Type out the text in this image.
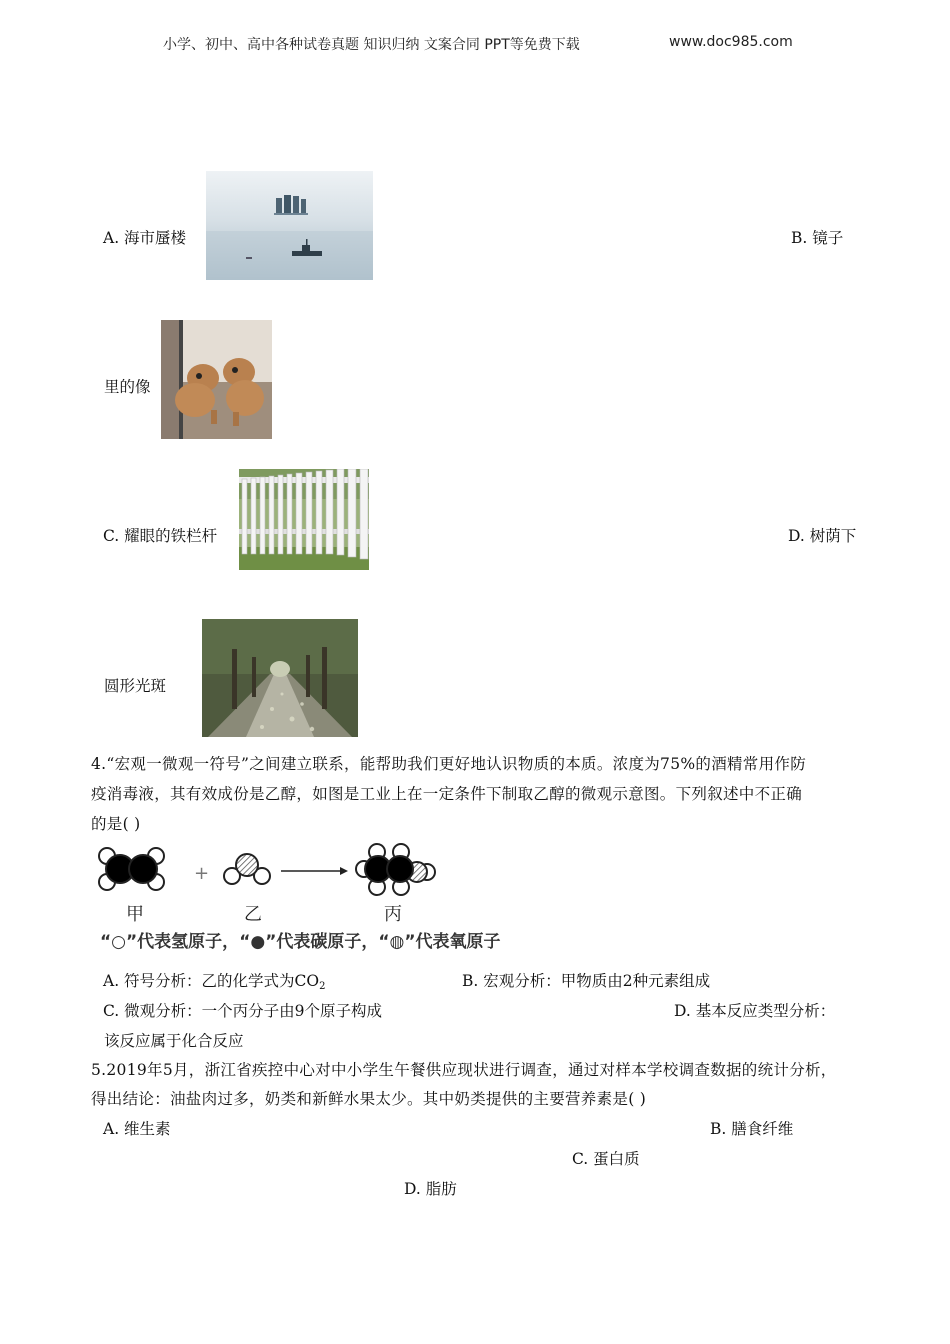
小学、初中、高中各种试卷真题 知识归纳 文案合同 PPT等免费下载	www.doc985.com
A. 海市蜃楼	B. 镜子
里的像
C. 耀眼的铁栏杆	D. 树荫下
圆形光斑
4.“宏观一微观一符号”之间建立联系，能帮助我们更好地认识物质的本质。浓度为75%的酒精常用作防
疫消毒液，其有效成份是乙醇，如图是工业上在一定条件下制取乙醇的微观示意图。下列叙述中不正确
的是( )
+
甲	乙	丙
“○”代表氢原子，“●”代表碳原子，“◍”代表氧原子
A. 符号分析：乙的化学式为CO2	B. 宏观分析：甲物质由2种元素组成
C. 微观分析：一个丙分子由9个原子构成	D. 基本反应类型分析：
该反应属于化合反应
5.2019年5月，浙江省疾控中心对中小学生午餐供应现状进行调查，通过对样本学校调查数据的统计分析，
得出结论：油盐肉过多，奶类和新鲜水果太少。其中奶类提供的主要营养素是( )
A. 维生素	B. 膳食纤维
C. 蛋白质
D. 脂肪
